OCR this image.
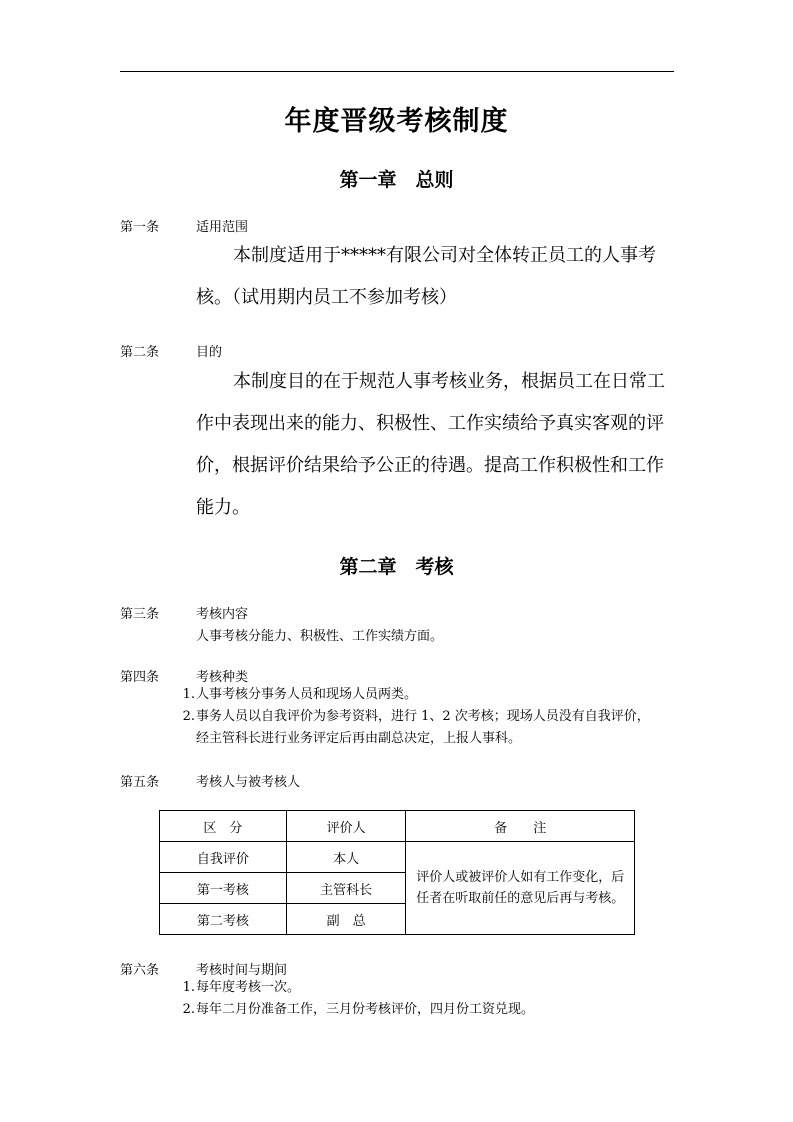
年度晋级考核制度
第一章　总则
第一条	适用范围

本制度适用于*****有限公司对全体转正员工的人事考

核。（试用期内员工不参加考核）

第二条	目的

本制度目的在于规范人事考核业务，根据员工在日常工

作中表现出来的能力、积极性、工作实绩给予真实客观的评

价，根据评价结果给予公正的待遇。提高工作积极性和工作

能力。

第二章　考核
第三条	考核内容
人事考核分能力、积极性、工作实绩方面。
第四条	考核种类
1. 人事考核分事务人员和现场人员两类。
2. 事务人员以自我评价为参考资料，进行 1、2 次考核；现场人员没有自我评价，
经主管科长进行业务评定后再由副总决定，上报人事科。
第五条	考核人与被考核人
区　分	评价人	备　　注
自我评价	本人	评价人或被评价人如有工作变化，后任者在听取前任的意见后再与考核。
第一考核	主管科长	
第二考核	副　总	
第六条	考核时间与期间
1. 每年度考核一次。
2. 每年二月份准备工作，三月份考核评价，四月份工资兑现。
